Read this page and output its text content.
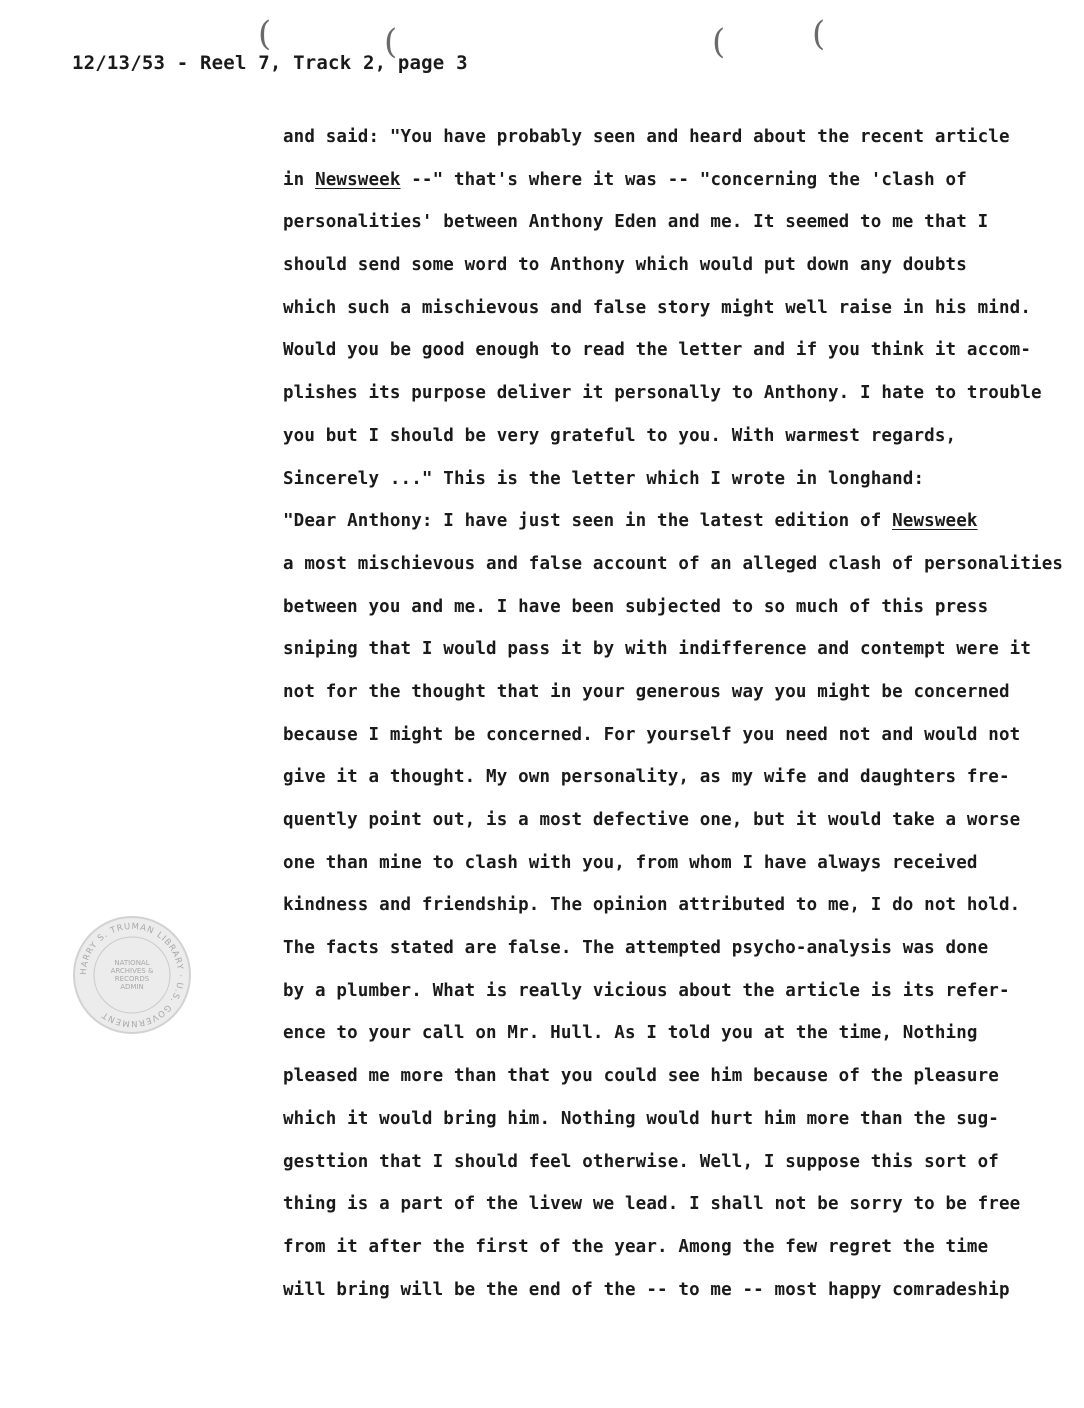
(	(	(	(
12/13/53 - Reel 7, Track 2, page 3
and said: "You have probably seen and heard about the recent article
in Newsweek --" that's where it was -- "concerning the 'clash of
personalities' between Anthony Eden and me. It seemed to me that I
should send some word to Anthony which would put down any doubts
which such a mischievous and false story might well raise in his mind.
Would you be good enough to read the letter and if you think it accom-
plishes its purpose deliver it personally to Anthony. I hate to trouble
you but I should be very grateful to you. With warmest regards,
Sincerely ..." This is the letter which I wrote in longhand:
"Dear Anthony: I have just seen in the latest edition of Newsweek
a most mischievous and false account of an alleged clash of personalities
between you and me. I have been subjected to so much of this press
sniping that I would pass it by with indifference and contempt were it
not for the thought that in your generous way you might be concerned
because I might be concerned. For yourself you need not and would not
give it a thought. My own personality, as my wife and daughters fre-
quently point out, is a most defective one, but it would take a worse
one than mine to clash with you, from whom I have always received
kindness and friendship. The opinion attributed to me, I do not hold.
The facts stated are false. The attempted psycho-analysis was done
by a plumber. What is really vicious about the article is its refer-
ence to your call on Mr. Hull. As I told you at the time, Nothing
pleased me more than that you could see him because of the pleasure
which it would bring him. Nothing would hurt him more than the sug-
gesttion that I should feel otherwise. Well, I suppose this sort of
thing is a part of the livew we lead. I shall not be sorry to be free
from it after the first of the year. Among the few regret the time
will bring will be the end of the -- to me -- most happy comradeship
HARRY S. TRUMAN LIBRARY · U.S. GOVERNMENT
NATIONAL
ARCHIVES &
RECORDS
ADMIN
